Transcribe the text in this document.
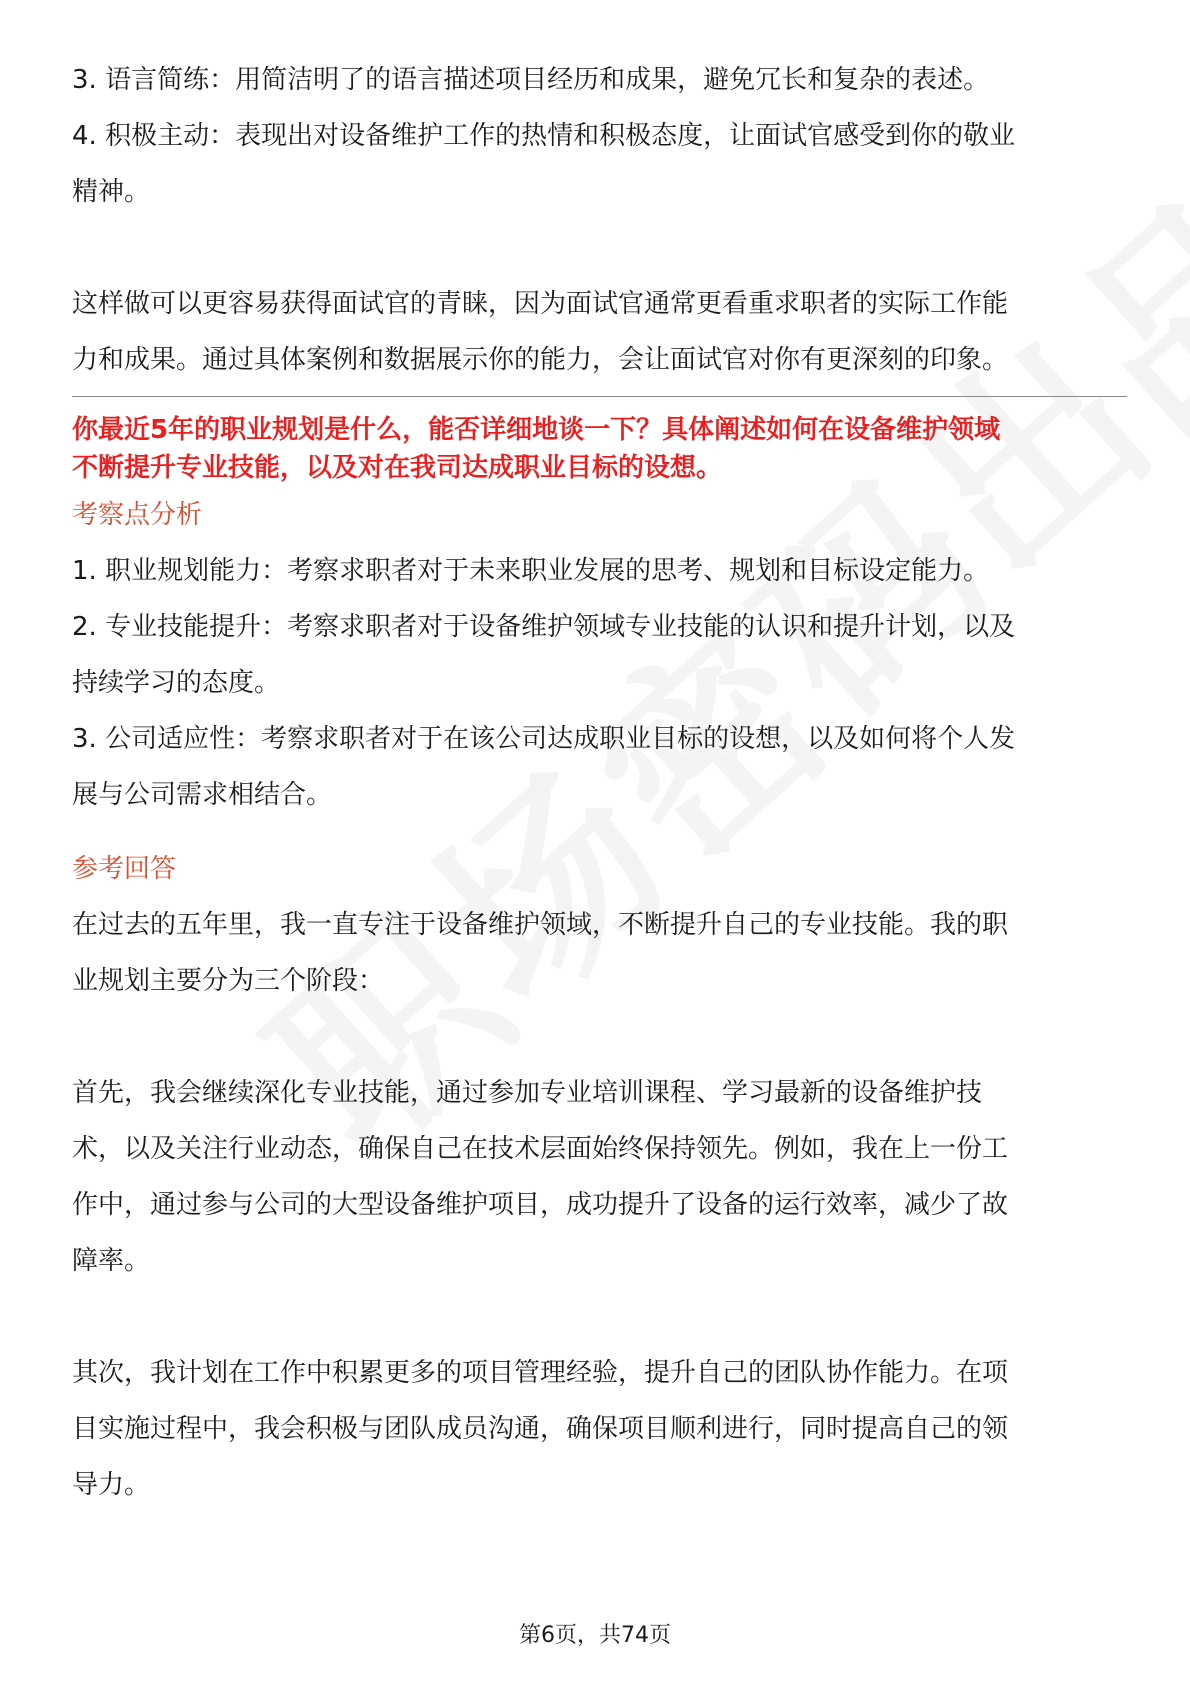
3. 语言简练：用简洁明了的语言描述项目经历和成果，避免冗长和复杂的表述。

4. 积极主动：表现出对设备维护工作的热情和积极态度，让面试官感受到你的敬业

精神。

这样做可以更容易获得面试官的青睐，因为面试官通常更看重求职者的实际工作能

力和成果。通过具体案例和数据展示你的能力，会让面试官对你有更深刻的印象。

你最近5年的职业规划是什么，能否详细地谈一下？具体阐述如何在设备维护领域

不断提升专业技能，以及对在我司达成职业目标的设想。

考察点分析

1. 职业规划能力：考察求职者对于未来职业发展的思考、规划和目标设定能力。

2. 专业技能提升：考察求职者对于设备维护领域专业技能的认识和提升计划，以及

持续学习的态度。

3. 公司适应性：考察求职者对于在该公司达成职业目标的设想，以及如何将个人发

展与公司需求相结合。

参考回答

在过去的五年里，我一直专注于设备维护领域，不断提升自己的专业技能。我的职

业规划主要分为三个阶段：

首先，我会继续深化专业技能，通过参加专业培训课程、学习最新的设备维护技

术，以及关注行业动态，确保自己在技术层面始终保持领先。例如，我在上一份工

作中，通过参与公司的大型设备维护项目，成功提升了设备的运行效率，减少了故

障率。

其次，我计划在工作中积累更多的项目管理经验，提升自己的团队协作能力。在项

目实施过程中，我会积极与团队成员沟通，确保项目顺利进行，同时提高自己的领

导力。

第6页，共74页
